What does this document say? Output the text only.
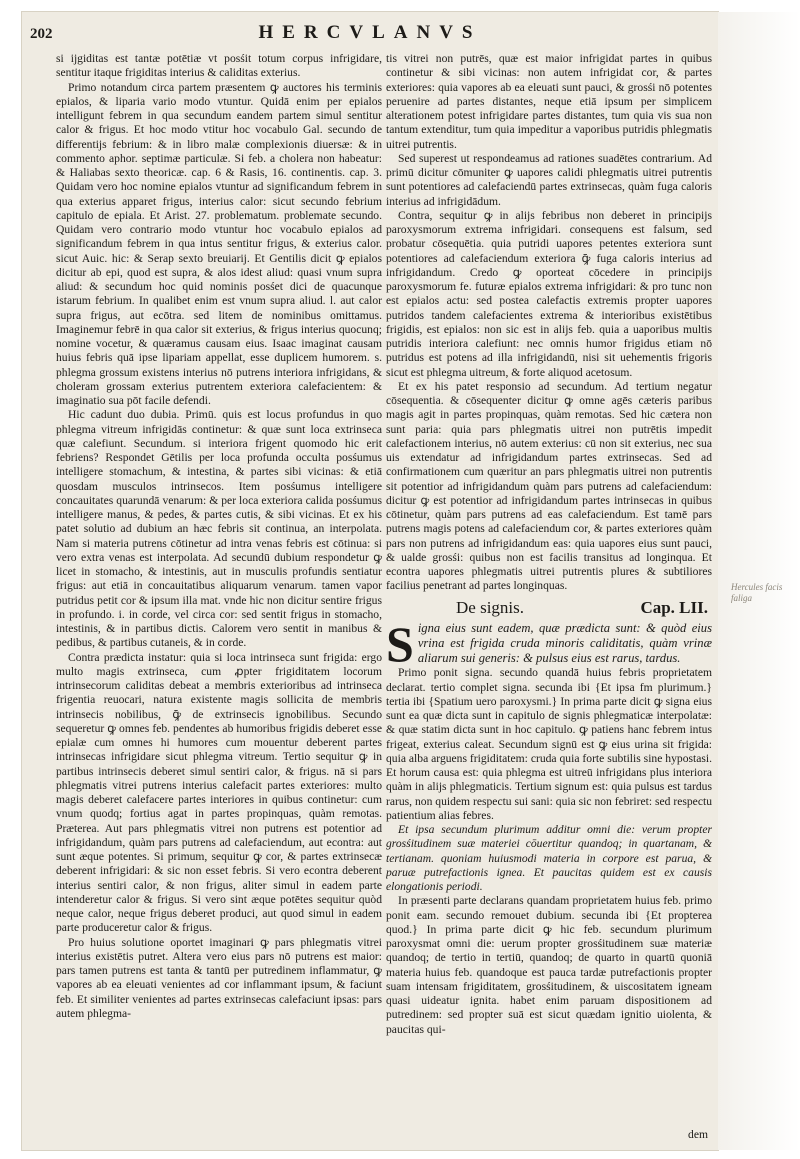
202	HERCVLANVS

si ijgiditas est tantæ potētiæ vt posśit totum corpus infrigidare, sentitur itaque frigiditas interius & caliditas exterius.

Primo notandum circa partem præsentem ꝙ auctores his terminis epialos, & liparia vario modo vtuntur. Quidā enim per epialos intelligunt febrem in qua secundum eandem partem simul sentitur calor & frigus. Et hoc modo vtitur hoc vocabulo Gal. secundo de differentijs febrium: & in libro malæ complexionis diuersæ: & in commento aphor. septimæ particulæ. Si feb. a cholera non habeatur: & Haliabas sexto theoricæ. cap. 6 & Rasis, 16. continentis. cap. 3. Quidam vero hoc nomine epialos vtuntur ad significandum febrem in qua exterius apparet frigus, interius calor: sicut secundo febrium capitulo de epiala. Et Arist. 27. problematum. problemate secundo. Quidam vero contrario modo vtuntur hoc vocabulo epialos ad significandum febrem in qua intus sentitur frigus, & exterius calor. sicut Auic. hic: & Serap sexto breuiarij. Et Gentilis dicit ꝙ epialos dicitur ab epi, quod est supra, & alos idest aliud: quasi vnum supra aliud: & secundum hoc quid nominis posśet dici de quacunque istarum febrium. In qualibet enim est vnum supra aliud. l. aut calor supra frigus, aut ecōtra. sed litem de nominibus omittamus. Imaginemur febrē in qua calor sit exterius, & frigus interius quocunq; nomine vocetur, & quæramus causam eius. Isaac imaginat causam huius febris quā ipse lipariam appellat, esse duplicem humorem. s. phlegma grossum existens interius nō putrens interiora infrigidans, & choleram grossam exterius putrentem exteriora calefacientem: & imaginatio sua pōt facile defendi.

Hic cadunt duo dubia. Primū. quis est locus profundus in quo phlegma vitreum infrigidās continetur: & quæ sunt loca extrinseca quæ calefiunt. Secundum. si interiora frigent quomodo hic erit febriens? Respondet Gētilis per loca profunda occulta posśumus intelligere stomachum, & intestina, & partes sibi vicinas: & etiā quosdam musculos intrinsecos. Item posśumus intelligere concauitates quarundā venarum: & per loca exteriora calida posśumus intelligere manus, & pedes, & partes cutis, & sibi vicinas. Et ex his patet solutio ad dubium an hæc febris sit continua, an interpolata. Nam si materia putrens cōtinetur ad intra venas febris est cōtinua: si vero extra venas est interpolata. Ad secundū dubium respondetur ꝙ licet in stomacho, & intestinis, aut in musculis profundis sentiatur frigus: aut etiā in concauitatibus aliquarum venarum. tamen vapor putridus petit cor & ipsum illa mat. vnde hic non dicitur sentire frigus in profundo. i. in corde, vel circa cor: sed sentit frigus in stomacho, intestinis, & in partibus dictis. Calorem vero sentit in manibus & pedibus, & partibus cutaneis, & in corde.

Contra prædicta instatur: quia si loca intrinseca sunt frigida: ergo multo magis extrinseca, cum ꝓpter frigiditatem locorum intrinsecorum caliditas debeat a membris exterioribus ad intrinseca frigentia reuocari, natura existente magis sollicita de membris intrinsecis nobilibus, ꝙ̄ de extrinsecis ignobilibus. Secundo sequeretur ꝙ omnes feb. pendentes ab humoribus frigidis deberet esse epialæ cum omnes hi humores cum mouentur deberent partes intrinsecas infrigidare sicut phlegma vitreum. Tertio sequitur ꝙ in partibus intrinsecis deberet simul sentiri calor, & frigus. nā si pars phlegmatis vitrei putrens interius calefacit partes exteriores: multo magis deberet calefacere partes interiores in quibus continetur: cum vnum quodq; fortius agat in partes propinquas, quàm remotas. Præterea. Aut pars phlegmatis vitrei non putrens est potentior ad infrigidandum, quàm pars putrens ad calefaciendum, aut econtra: aut sunt æque potentes. Si primum, sequitur ꝙ cor, & partes extrinsecæ deberent infrigidari: & sic non esset febris. Si vero econtra deberent interius sentiri calor, & non frigus, aliter simul in eadem parte intenderetur calor & frigus. Si vero sint æque potētes sequitur quòd neque calor, neque frigus deberet produci, aut quod simul in eadem parte produceretur calor & frigus.

Pro huius solutione oportet imaginari ꝙ pars phlegmatis vitrei interius existētis putret. Altera vero eius pars nō putrens est maior: pars tamen putrens est tanta & tantū per putredinem inflammatur, ꝙ vapores ab ea eleuati venientes ad cor inflammant ipsum, & faciunt feb. Et similiter venientes ad partes extrinsecas calefaciunt ipsas: pars autem phlegma-

tis vitrei non putrēs, quæ est maior infrigidat partes in quibus continetur & sibi vicinas: non autem infrigidat cor, & partes exteriores: quia vapores ab ea eleuati sunt pauci, & grosśi nō potentes peruenire ad partes distantes, neque etiā ipsum per simplicem alterationem potest infrigidare partes distantes, tum quia vis sua non tantum extenditur, tum quia impeditur a vaporibus putridis phlegmatis uitrei putrentis.

Sed superest ut respondeamus ad rationes suadētes contrarium. Ad primū dicitur cōmuniter ꝙ uapores calidi phlegmatis uitrei putrentis sunt potentiores ad calefaciendū partes extrinsecas, quàm fuga caloris interius ad infrigidādum.

Contra, sequitur ꝙ in alijs febribus non deberet in principijs paroxysmorum extrema infrigidari. consequens est falsum, sed probatur cōsequētia. quia putridi uapores petentes exteriora sunt potentiores ad calefaciendum exteriora ꝙ̄ fuga caloris interius ad infrigidandum. Credo ꝙ oporteat cōcedere in principijs paroxysmorum fe. futuræ epialos extrema infrigidari: & pro tunc non est epialos actu: sed postea calefactis extremis propter uapores putridos tandem calefacientes extrema & interioribus existētibus frigidis, est epialos: non sic est in alijs feb. quia a uaporibus multis putridis interiora calefiunt: nec omnis humor frigidus etiam nō putridus est potens ad illa infrigidandū, nisi sit uehementis frigoris sicut est phlegma uitreum, & forte aliquod acetosum.

Et ex his patet responsio ad secundum. Ad tertium negatur cōsequentia. & cōsequenter dicitur ꝙ omne agēs cæteris paribus magis agit in partes propinquas, quàm remotas. Sed hic cætera non sunt paria: quia pars phlegmatis uitrei non putrētis impedit calefactionem interius, nō autem exterius: cū non sit exterius, nec sua uis extendatur ad infrigidandum partes extrinsecas. Sed ad confirmationem cum quæritur an pars phlegmatis uitrei non putrentis sit potentior ad infrigidandum quàm pars putrens ad calefaciendum: dicitur ꝙ est potentior ad infrigidandum partes intrinsecas in quibus cōtinetur, quàm pars putrens ad eas calefaciendum. Est tamē pars putrens magis potens ad calefaciendum cor, & partes exteriores quàm pars non putrens ad infrigidandum eas: quia uapores eius sunt pauci, & ualde grosśi: quibus non est facilis transitus ad longinqua. Et econtra uapores phlegmatis uitrei putrentis plures & subtiliores facilius penetrant ad partes longinquas.

De signis.	Cap. LII.
S igna eius sunt eadem, quæ prædicta sunt: & quòd eius vrina est frigida cruda minoris caliditatis, quàm vrinæ aliarum sui generis: & pulsus eius est rarus, tardus.

Primo ponit signa. secundo quandā huius febris proprietatem declarat. tertio complet signa. secunda ibi {Et ipsa fm plurimum.} tertia ibi {Spatium uero paroxysmi.} In prima parte dicit ꝙ signa eius sunt ea quæ dicta sunt in capitulo de signis phlegmaticæ interpolatæ: & quæ statim dicta sunt in hoc capitulo. ꝙ patiens hanc febrem intus frigeat, exterius caleat. Secundum signū est ꝙ eius urina sit frigida: quia alba arguens frigiditatem: cruda quia forte subtilis sine hypostasi. Et horum causa est: quia phlegma est uitreū infrigidans plus interiora quàm in alijs phlegmaticis. Tertium signum est: quia pulsus est tardus rarus, non quidem respectu sui sani: quia sic non febriret: sed respectu patientium alias febres.

Et ipsa secundum plurimum additur omni die: verum propter grosśitudinem suæ materiei cōuertitur quandoq; in quartanam, & tertianam. quoniam huiusmodi materia in corpore est parua, & paruæ putrefactionis ignea. Et paucitas quidem est ex causis elongationis periodi.

In præsenti parte declarans quandam proprietatem huius feb. primo ponit eam. secundo remouet dubium. secunda ibi {Et propterea quod.} In prima parte dicit ꝙ hic feb. secundum plurimum paroxysmat omni die: uerum propter grosśitudinem suæ materiæ quandoq; de tertio in tertiū, quandoq; de quarto in quartū quoniā materia huius feb. quandoque est pauca tardæ putrefactionis propter suam intensam frigiditatem, grosśitudinem, & uiscositatem igneam quasi uideatur ignita. habet enim paruam dispositionem ad putredinem: sed propter suā est sicut quædam ignitio uiolenta, & paucitas qui-

dem
Hercules facis faliga
